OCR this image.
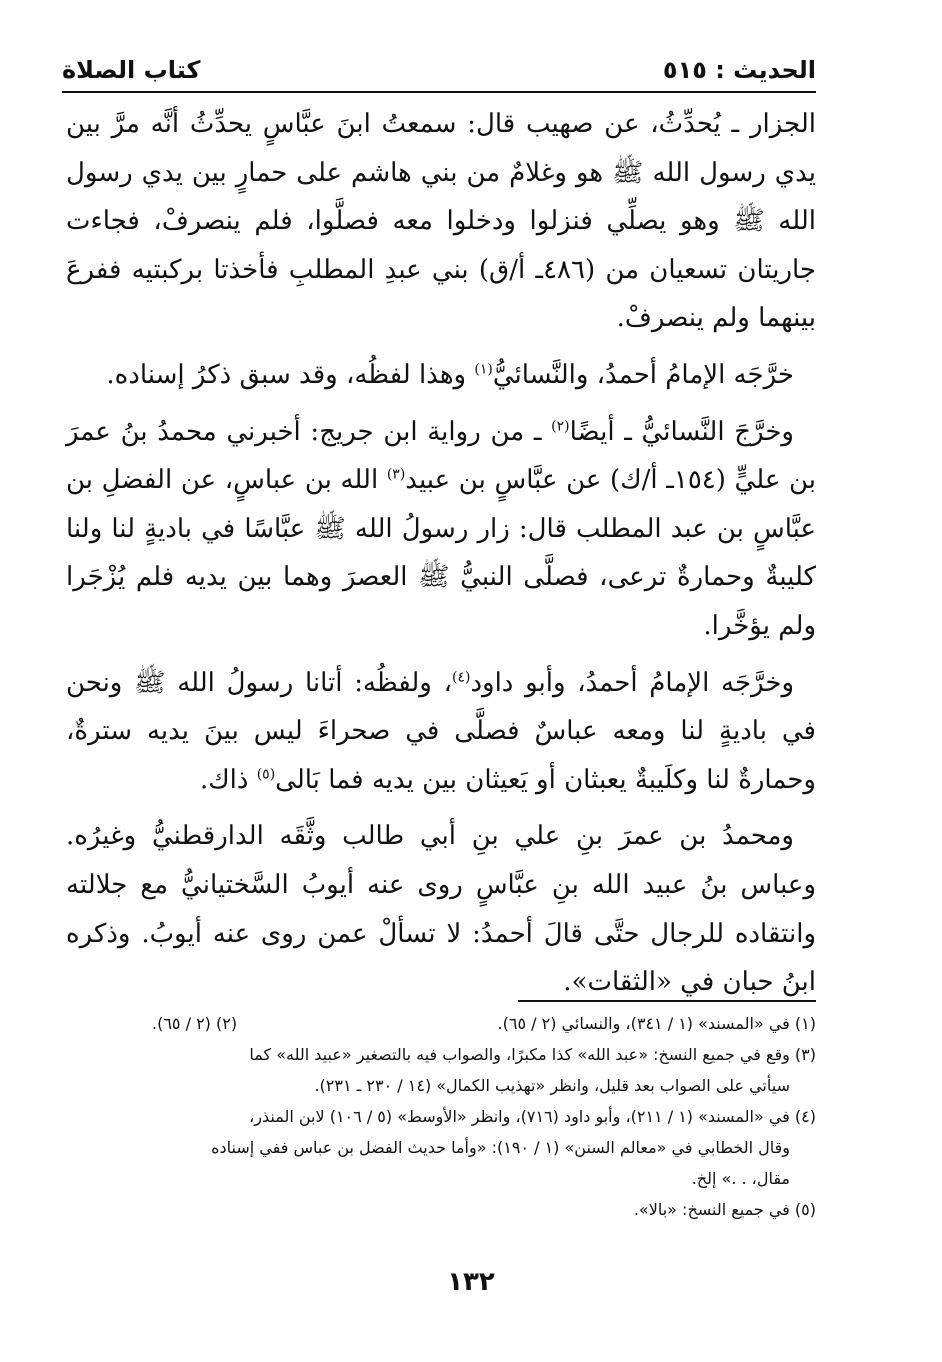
الحديث : ٥١٥
كتاب الصلاة

الجزار ـ يُحدِّثُ، عن صهيب قال: سمعتُ ابنَ عبَّاسٍ يحدِّثُ أنَّه مرَّ بين يدي رسول الله ﷺ هو وغلامٌ من بني هاشم على حمارٍ بين يدي رسول الله ﷺ وهو يصلِّي فنزلوا ودخلوا معه فصلَّوا، فلم ينصرفْ، فجاءت جاريتان تسعيان من (٤٨٦ـ أ/ق) بني عبدِ المطلبِ فأخذتا بركبتيه ففرعَ بينهما ولم ينصرفْ.

خرَّجَه الإمامُ أحمدُ، والنَّسائيُّ$^{(١)}$ وهذا لفظُه، وقد سبق ذكرُ إسناده.

وخرَّجَ النَّسائيُّ ـ أيضًا$^{(٢)}$ ـ من رواية ابن جريج: أخبرني محمدُ بنُ عمرَ بن عليٍّ (١٥٤ـ أ/ك) عن عبَّاسٍ بن عبيد$^{(٣)}$ الله بن عباسٍ، عن الفضلِ بن عبَّاسٍ بن عبد المطلب قال: زار رسولُ الله ﷺ عبَّاسًا في باديةٍ لنا ولنا كليبةٌ وحمارةٌ ترعى، فصلَّى النبيُّ ﷺ العصرَ وهما بين يديه فلم يُزْجَرا ولم يؤخَّرا.

وخرَّجَه الإمامُ أحمدُ، وأبو داود$^{(٤)}$، ولفظُه: أتانا رسولُ الله ﷺ ونحن في باديةٍ لنا ومعه عباسٌ فصلَّى في صحراءَ ليس بينَ يديه سترةٌ، وحمارةٌ لنا وكلَيبةٌ يعبثان أو يَعيثان بين يديه فما بَالى$^{(٥)}$ ذاك.

ومحمدُ بن عمرَ بنِ علي بنِ أبي طالب وثَّقَه الدارقطنيُّ وغيرُه. وعباس بنُ عبيد الله بنِ عبَّاسٍ روى عنه أيوبُ السَّختيانيُّ مع جلالته وانتقاده للرجال حتَّى قالَ أحمدُ: لا تسألْ عمن روى عنه أيوبُ. وذكره ابنُ حبان في «الثقات».

(١) في «المسند» (١ / ٣٤١)، والنسائي (٢ / ٦٥).
(٢) (٢ / ٦٥).

(٣) وقع في جميع النسخ: «عبد الله» كذا مكبرًا، والصواب فيه بالتصغير «عبيد الله» كما

سيأتي على الصواب بعد قليل، وانظر «تهذيب الكمال» (١٤ / ٢٣٠ ـ ٢٣١).

(٤) في «المسند» (١ / ٢١١)، وأبو داود (٧١٦)، وانظر «الأوسط» (٥ / ١٠٦) لابن المنذر،

وقال الخطابي في «معالم السنن» (١ / ١٩٠): «وأما حديث الفضل بن عباس ففي إسناده

مقال، . .» إلخ.

(٥) في جميع النسخ: «بالا».

١٣٢
